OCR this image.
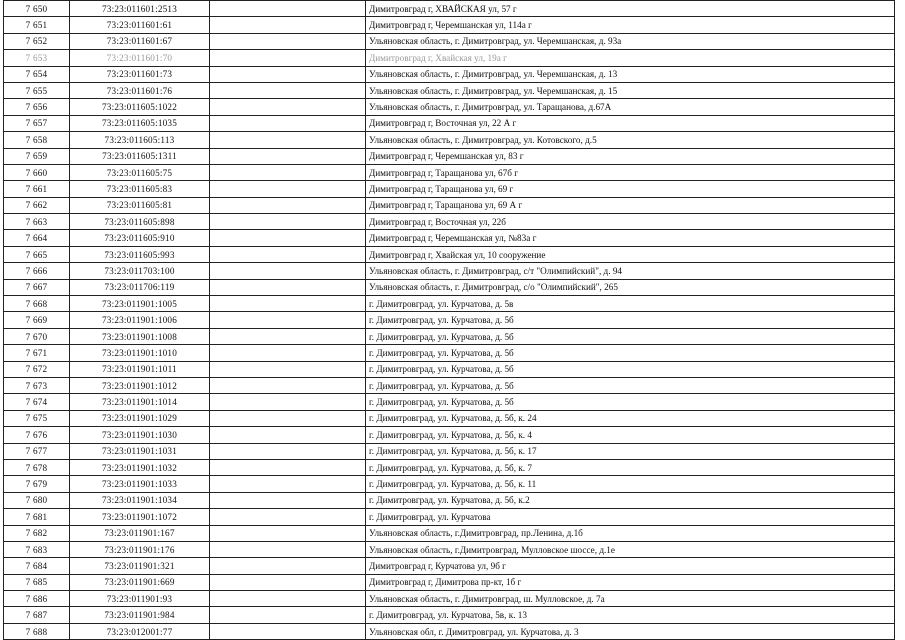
7 650	73:23:011601:2513		Димитровград г, ХВАЙСКАЯ ул, 57 г
7 651	73:23:011601:61		Димитровград г, Черемшанская ул, 114а г
7 652	73:23:011601:67		Ульяновская область, г. Димитровград, ул. Черемшанская, д. 93а
7 653	73:23:011601:70		Димитровград г, Хвайская ул, 19а г
7 654	73:23:011601:73		Ульяновская область, г. Димитровград, ул. Черемшанская, д. 13
7 655	73:23:011601:76		Ульяновская область, г. Димитровград, ул. Черемшанская, д. 15
7 656	73:23:011605:1022		Ульяновская область, г. Димитровград, ул. Таращанова, д.67А
7 657	73:23:011605:1035		Димитровград г, Восточная ул, 22 А г
7 658	73:23:011605:113		Ульяновская область, г. Димитровград, ул. Котовского, д.5
7 659	73:23:011605:1311		Димитровград г, Черемшанская ул, 83 г
7 660	73:23:011605:75		Димитровград г, Таращанова ул, 67б г
7 661	73:23:011605:83		Димитровград г, Таращанова ул, 69 г
7 662	73:23:011605:81		Димитровград г, Таращанова ул, 69 А г
7 663	73:23:011605:898		Димитровград г, Восточная ул, 22б
7 664	73:23:011605:910		Димитровград г, Черемшанская ул, №83а г
7 665	73:23:011605:993		Димитровград г, Хвайская ул, 10 сооружение
7 666	73:23:011703:100		Ульяновская область, г. Димитровград, с/т "Олимпийский", д. 94
7 667	73:23:011706:119		Ульяновская область, г. Димитровград, с/о "Олимпийский", 265
7 668	73:23:011901:1005		г. Димитровград, ул. Курчатова, д. 5в
7 669	73:23:011901:1006		г. Димитровград, ул. Курчатова, д. 5б
7 670	73:23:011901:1008		г. Димитровград, ул. Курчатова, д. 5б
7 671	73:23:011901:1010		г. Димитровград, ул. Курчатова, д. 5б
7 672	73:23:011901:1011		г. Димитровград, ул. Курчатова, д. 5б
7 673	73:23:011901:1012		г. Димитровград, ул. Курчатова, д. 5б
7 674	73:23:011901:1014		г. Димитровград, ул. Курчатова, д. 5б
7 675	73:23:011901:1029		г. Димитровград, ул. Курчатова, д. 5б, к. 24
7 676	73:23:011901:1030		г. Димитровград, ул. Курчатова, д. 5б, к. 4
7 677	73:23:011901:1031		г. Димитровград, ул. Курчатова, д. 5б, к. 17
7 678	73:23:011901:1032		г. Димитровград, ул. Курчатова, д. 5б, к. 7
7 679	73:23:011901:1033		г. Димитровград, ул. Курчатова, д. 5б, к. 11
7 680	73:23:011901:1034		г. Димитровград, ул. Курчатова, д. 5б, к.2
7 681	73:23:011901:1072		г. Димитровград, ул. Курчатова
7 682	73:23:011901:167		Ульяновская область, г.Димитровград, пр.Ленина, д.1б
7 683	73:23:011901:176		Ульяновская область, г.Димитровград, Мулловское шоссе, д.1е
7 684	73:23:011901:321		Димитровград г, Курчатова ул, 9б г
7 685	73:23:011901:669		Димитровград г, Димитрова пр-кт, 1б г
7 686	73:23:011901:93		Ульяновская область, г. Димитровград, ш. Мулловское, д. 7а
7 687	73:23:011901:984		г. Димитровград, ул. Курчатова, 5в, к. 13
7 688	73:23:012001:77		Ульяновская обл, г. Димитровград, ул. Курчатова, д. 3
